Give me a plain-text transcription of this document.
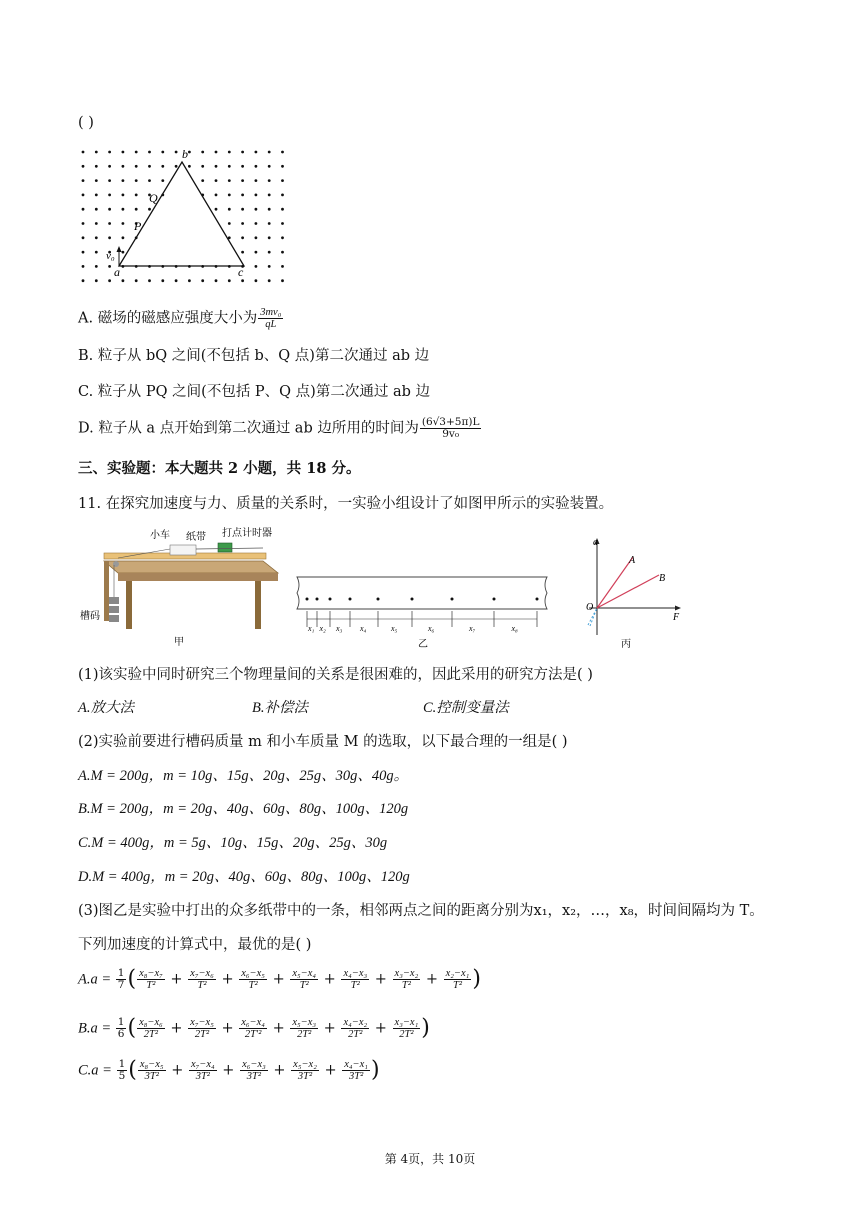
( )
b
a	c
Q
P
v₀
A. 磁场的磁感应强度大小为 $\frac{\text{3mv₀}}{qL}$
B. 粒子从 bQ 之间(不包括 b、Q 点)第二次通过 ab 边
C. 粒子从 PQ 之间(不包括 P、Q 点)第二次通过 ab 边
D. 粒子从 a 点开始到第二次通过 ab 边所用的时间为 $\frac{(6√3+5\pi)L}{\text{9v₀}}$
三、实验题：本大题共 2 小题，共 18 分。
11. 在探究加速度与力、质量的关系时，一实验小组设计了如图甲所示的实验装置。
小车 纸带 打点计时器
槽码
甲
x₁ x₂ x₃ x₄	x₅	x₆	x₇	x₈
乙
a
F
O
A
B
丙
(1)该实验中同时研究三个物理量间的关系是很困难的，因此采用的研究方法是( )
A.放大法	B.补偿法	C.控制变量法
(2)实验前要进行槽码质量 m 和小车质量 M 的选取，以下最合理的一组是( )
A.M = 200g，m = 10g、15g、20g、25g、30g、40g。
B.M = 200g，m = 20g、40g、60g、80g、100g、120g
C.M = 400g，m = 5g、10g、15g、20g、25g、30g
D.M = 400g，m = 20g、40g、60g、80g、100g、120g
(3)图乙是实验中打出的众多纸带中的一条，相邻两点之间的距离分别为x₁，x₂，…，x₈，时间间隔均为 T。
下列加速度的计算式中，最优的是( )
$A.a = \frac{1}{7}$ ( $\frac{\text{x₈−x₇}}{\text{T²}} + \frac{\text{x₇−x₆}}{\text{T²}} + \frac{\text{x₆−x₅}}{\text{T²}} + \frac{\text{x₅−x₄}}{\text{T²}} + \frac{\text{x₄−x₃}}{\text{T²}} + \frac{\text{x₃−x₂}}{\text{T²}} + \frac{\text{x₂−x₁}}{\text{T²}}$ )
$B.a = \frac{1}{6}$ ( $\frac{\text{x₈−x₆}}{\text{2T²}} + \frac{\text{x₇−x₅}}{\text{2T²}} + \frac{\text{x₆−x₄}}{\text{2T′²}} + \frac{\text{x₅−x₃}}{\text{2T²}} + \frac{\text{x₄−x₂}}{\text{2T²}} + \frac{\text{x₃−x₁}}{\text{2T²}}$ )
$C.a = \frac{1}{5}$ ( $\frac{\text{x₈−x₅}}{\text{3T²}} + \frac{\text{x₇−x₄}}{\text{3T²}} + \frac{\text{x₆−x₃}}{\text{3T²}} + \frac{\text{x₅−x₂}}{\text{3T²}} + \frac{\text{x₄−x₁}}{\text{3T²}}$ )
第 4页，共 10页
